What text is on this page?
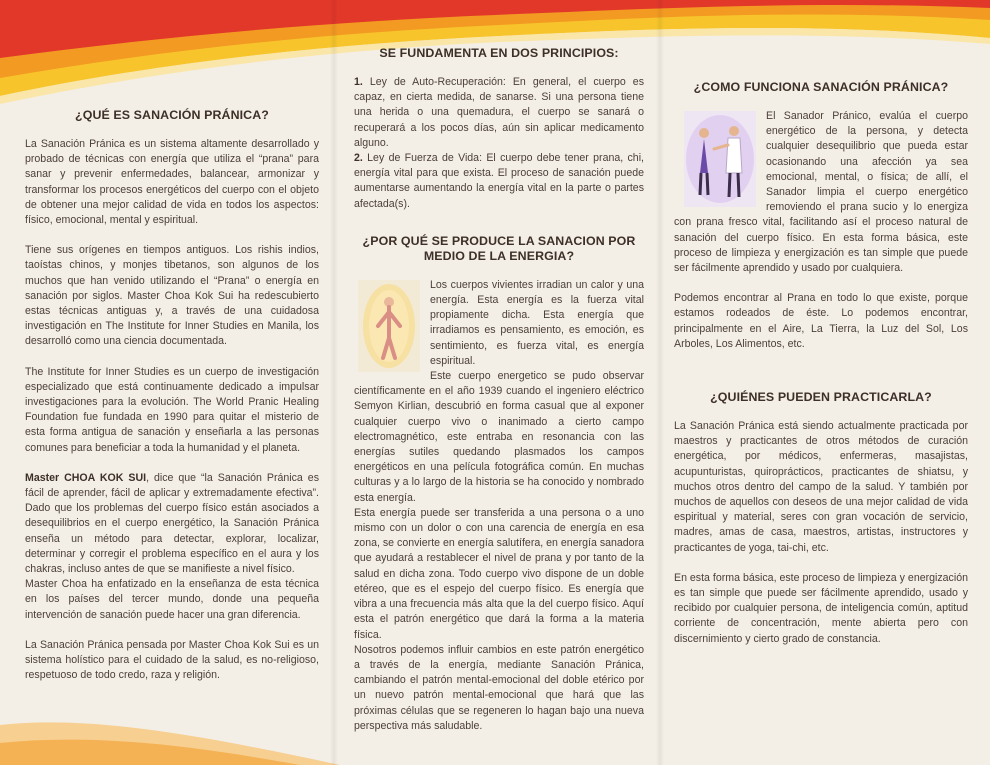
¿QUÉ ES SANACIÓN PRÁNICA?

La Sanación Pránica es un sistema altamente desarrollado y probado de técnicas con energía que utiliza el “prana” para sanar y prevenir enfermedades, balancear, armonizar y transformar los procesos energéticos del cuerpo con el objeto de obtener una mejor calidad de vida en todos los aspectos: físico, emocional, mental y espiritual.

Tiene sus orígenes en tiempos antiguos. Los rishis indios, taoístas chinos, y monjes tibetanos, son algunos de los muchos que han venido utilizando el “Prana” o energía en sanación por siglos. Master Choa Kok Sui ha redescubierto estas técnicas antiguas y, a través de una cuidadosa investigación en The Institute for Inner Studies en Manila, los desarrolló como una ciencia documentada.

The Institute for Inner Studies es un cuerpo de investigación especializado que está continuamente dedicado a impulsar investigaciones para la evolución. The World Pranic Healing Foundation fue fundada en 1990 para quitar el misterio de esta forma antigua de sanación y enseñarla a las personas comunes para beneficiar a toda la humanidad y el planeta.

Master CHOA KOK SUI, dice que “la Sanación Pránica es fácil de aprender, fácil de aplicar y extremadamente efectiva”. Dado que los problemas del cuerpo físico están asociados a desequilibrios en el cuerpo energético, la Sanación Pránica enseña un método para detectar, explorar, localizar, determinar y corregir el problema específico en el aura y los chakras, incluso antes de que se manifieste a nivel físico.

Master Choa ha enfatizado en la enseñanza de esta técnica en los países del tercer mundo, donde una pequeña intervención de sanación puede hacer una gran diferencia.

La Sanación Pránica pensada por Master Choa Kok Sui es un sistema holístico para el cuidado de la salud, es no-religioso, respetuoso de todo credo, raza y religión.

SE FUNDAMENTA EN DOS PRINCIPIOS:

1. Ley de Auto-Recuperación: En general, el cuerpo es capaz, en cierta medida, de sanarse. Si una persona tiene una herida o una quemadura, el cuerpo se sanará o recuperará a los pocos días, aún sin aplicar medicamento alguno.

2. Ley de Fuerza de Vida: El cuerpo debe tener prana, chi, energía vital para que exista. El proceso de sanación puede aumentarse aumentando la energía vital en la parte o partes afectada(s).

¿POR QUÉ SE PRODUCE LA SANACION POR MEDIO DE LA ENERGIA?

Los cuerpos vivientes irradian un calor y una energía. Esta energía es la fuerza vital propiamente dicha. Esta energía que irradiamos es pensamiento, es emoción, es sentimiento, es fuerza vital, es energía espiritual.

Este cuerpo energetico se pudo observar científicamente en el año 1939 cuando el ingeniero eléctrico Semyon Kirlian, descubrió en forma casual que al exponer cualquier cuerpo vivo o inanimado a cierto campo electromagnético, este entraba en resonancia con las energías sutiles quedando plasmados los campos energéticos en una película fotográfica común. En muchas culturas y a lo largo de la historia se ha conocido y nombrado esta energía.

Esta energía puede ser transferida a una persona o a uno mismo con un dolor o con una carencia de energía en esa zona, se convierte en energía salutífera, en energía sanadora que ayudará a restablecer el nivel de prana y por tanto de la salud en dicha zona. Todo cuerpo vivo dispone de un doble etéreo, que es el espejo del cuerpo físico. Es energía que vibra a una frecuencia más alta que la del cuerpo físico. Aquí esta el patrón energético que dará la forma a la materia física.

Nosotros podemos influir cambios en este patrón energético a través de la energía, mediante Sanación Pránica, cambiando el patrón mental-emocional del doble etérico por un nuevo patrón mental-emocional que hará que las próximas células que se regeneren lo hagan bajo una nueva perspectiva más saludable.

¿COMO FUNCIONA SANACIÓN PRÁNICA?

El Sanador Pránico, evalúa el cuerpo energético de la persona, y detecta cualquier desequilibrio que pueda estar ocasionando una afección ya sea emocional, mental, o física; de allí, el Sanador limpia el cuerpo energético removiendo el prana sucio y lo energiza con prana fresco vital, facilitando así el proceso natural de sanación del cuerpo físico. En esta forma básica, este proceso de limpieza y energización es tan simple que puede ser fácilmente aprendido y usado por cualquiera.

Podemos encontrar al Prana en todo lo que existe, porque estamos rodeados de éste. Lo podemos encontrar, principalmente en el Aire, La Tierra, la Luz del Sol, Los Arboles, Los Alimentos, etc.

¿QUIÉNES PUEDEN PRACTICARLA?

La Sanación Pránica está siendo actualmente practicada por maestros y practicantes de otros métodos de curación energética, por médicos, enfermeras, masajistas, acupunturistas, quiroprácticos, practicantes de shiatsu, y muchos otros dentro del campo de la salud. Y también por muchos de aquellos con deseos de una mejor calidad de vida espiritual y material, seres con gran vocación de servicio, madres, amas de casa, maestros, artistas, instructores y practicantes de yoga, tai-chi, etc.

En esta forma básica, este proceso de limpieza y energización es tan simple que puede ser fácilmente aprendido, usado y recibido por cualquier persona, de inteligencia común, aptitud corriente de concentración, mente abierta pero con discernimiento y cierto grado de constancia.
